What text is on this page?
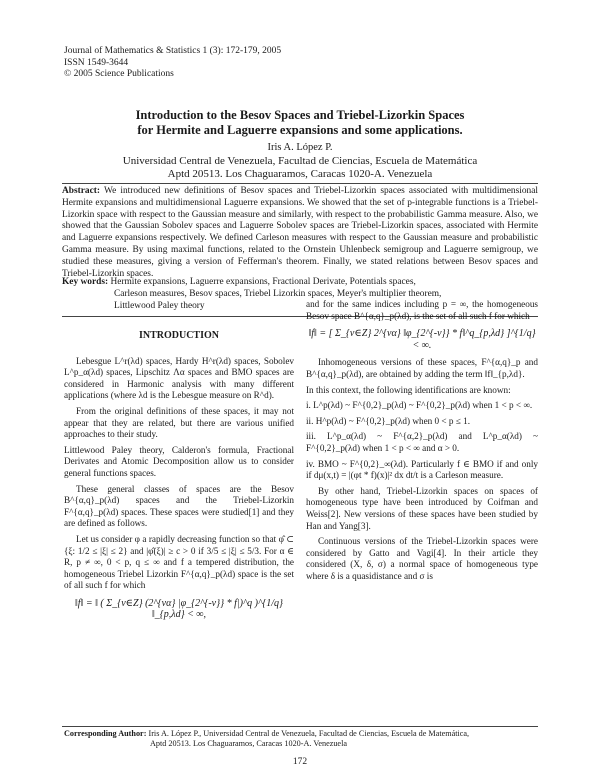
Journal of Mathematics & Statistics 1 (3): 172-179, 2005
ISSN 1549-3644
© 2005 Science Publications
Introduction to the Besov Spaces and Triebel-Lizorkin Spaces
for Hermite and Laguerre expansions and some applications.
Iris A. López P.
Universidad Central de Venezuela, Facultad de Ciencias, Escuela de Matemática
Aptd 20513. Los Chaguaramos, Caracas 1020-A. Venezuela
Abstract: We introduced new definitions of Besov spaces and Triebel-Lizorkin spaces associated with multidimensional Hermite expansions and multidimensional Laguerre expansions. We showed that the set of p-integrable functions is a Triebel-Lizorkin space with respect to the Gaussian measure and similarly, with respect to the probabilistic Gamma measure. Also, we showed that the Gaussian Sobolev spaces and Laguerre Sobolev spaces are Triebel-Lizorkin spaces, associated with Hermite and Laguerre expansions respectively. We defined Carleson measures with respect to the Gaussian measure and probabilistic Gamma measure. By using maximal functions, related to the Ornstein Uhlenbeck semigroup and Laguerre semigroup, we studied these measures, giving a version of Fefferman's theorem. Finally, we stated relations between Besov spaces and Triebel-Lizorkin spaces.
Key words: Hermite expansions, Laguerre expansions, Fractional Derivate, Potentials spaces,
Carleson measures, Besov spaces, Triebel Lizorkin spaces, Meyer's multiplier theorem,
Littlewood Paley theory
INTRODUCTION

Lebesgue L^r(λd) spaces, Hardy H^r(λd) spaces, Sobolev L^p_α(λd) spaces, Lipschitz Λα spaces and BMO spaces are considered in Harmonic analysis with many different applications (where λd is the Lebesgue measure on R^d).

From the original definitions of these spaces, it may not appear that they are related, but there are various unified approaches to their study.

Littlewood Paley theory, Calderon's formula, Fractional Derivates and Atomic Decomposition allow us to consider general functions spaces.

These general classes of spaces are the Besov B^{α,q}_p(λd) spaces and the Triebel-Lizorkin F^{α,q}_p(λd) spaces. These spaces were studied[1] and they are defined as follows.

Let us consider φ a rapidly decreasing function so that φ̂ ⊂ {ξ: 1/2 ≤ |ξ| ≤ 2} and |φ̂(ξ)| ≥ c > 0 if 3/5 ≤ |ξ| ≤ 5/3. For α ∈ R, p ≠ ∞, 0 < p, q ≤ ∞ and f a tempered distribution, the homogeneous Triebel Lizorkin F^{α,q}_p(λd) space is the set of all such f for which

‖f‖ = ‖ ( Σ_{v∈Z} (2^{vα} |φ_{2^{-v}} * f|)^q )^{1/q} ‖_{p,λd} < ∞,

and for the same indices including p = ∞, the homogeneous Besov space B^{α,q}_p(λd), is the set of all such f for which

‖f‖ = [ Σ_{v∈Z} 2^{vα} ‖φ_{2^{-v}} * f‖^q_{p,λd} ]^{1/q} < ∞.

Inhomogeneous versions of these spaces, F^{α,q}_p and B^{α,q}_p(λd), are obtained by adding the term ‖f‖_{p,λd}.

In this context, the following identifications are known:

i. L^p(λd) ~ F^{0,2}_p(λd) ~ F^{0,2}_p(λd) when 1 < p < ∞.
ii. H^p(λd) ~ F^{0,2}_p(λd) when 0 < p ≤ 1.
iii. L^p_α(λd) ~ F^{α,2}_p(λd) and L^p_α(λd) ~ F^{0,2}_p(λd) when 1 < p < ∞ and α > 0.
iv. BMO ~ F^{0,2}_∞(λd). Particularly f ∈ BMO if and only if dμ(x,t) = |(φt * f)(x)|² dx dt/t is a Carleson measure.

By other hand, Triebel-Lizorkin spaces on spaces of homogeneous type have been introduced by Coifman and Weiss[2]. New versions of these spaces have been studied by Han and Yang[3].

Continuous versions of the Triebel-Lizorkin spaces were considered by Gatto and Vagi[4]. In their article they considered (X, δ, σ) a normal space of homogeneous type where δ is a quasidistance and σ is

Corresponding Author: Iris A. López P., Universidad Central de Venezuela, Facultad de Ciencias, Escuela de Matemática,
Aptd 20513. Los Chaguaramos, Caracas 1020-A. Venezuela
172
